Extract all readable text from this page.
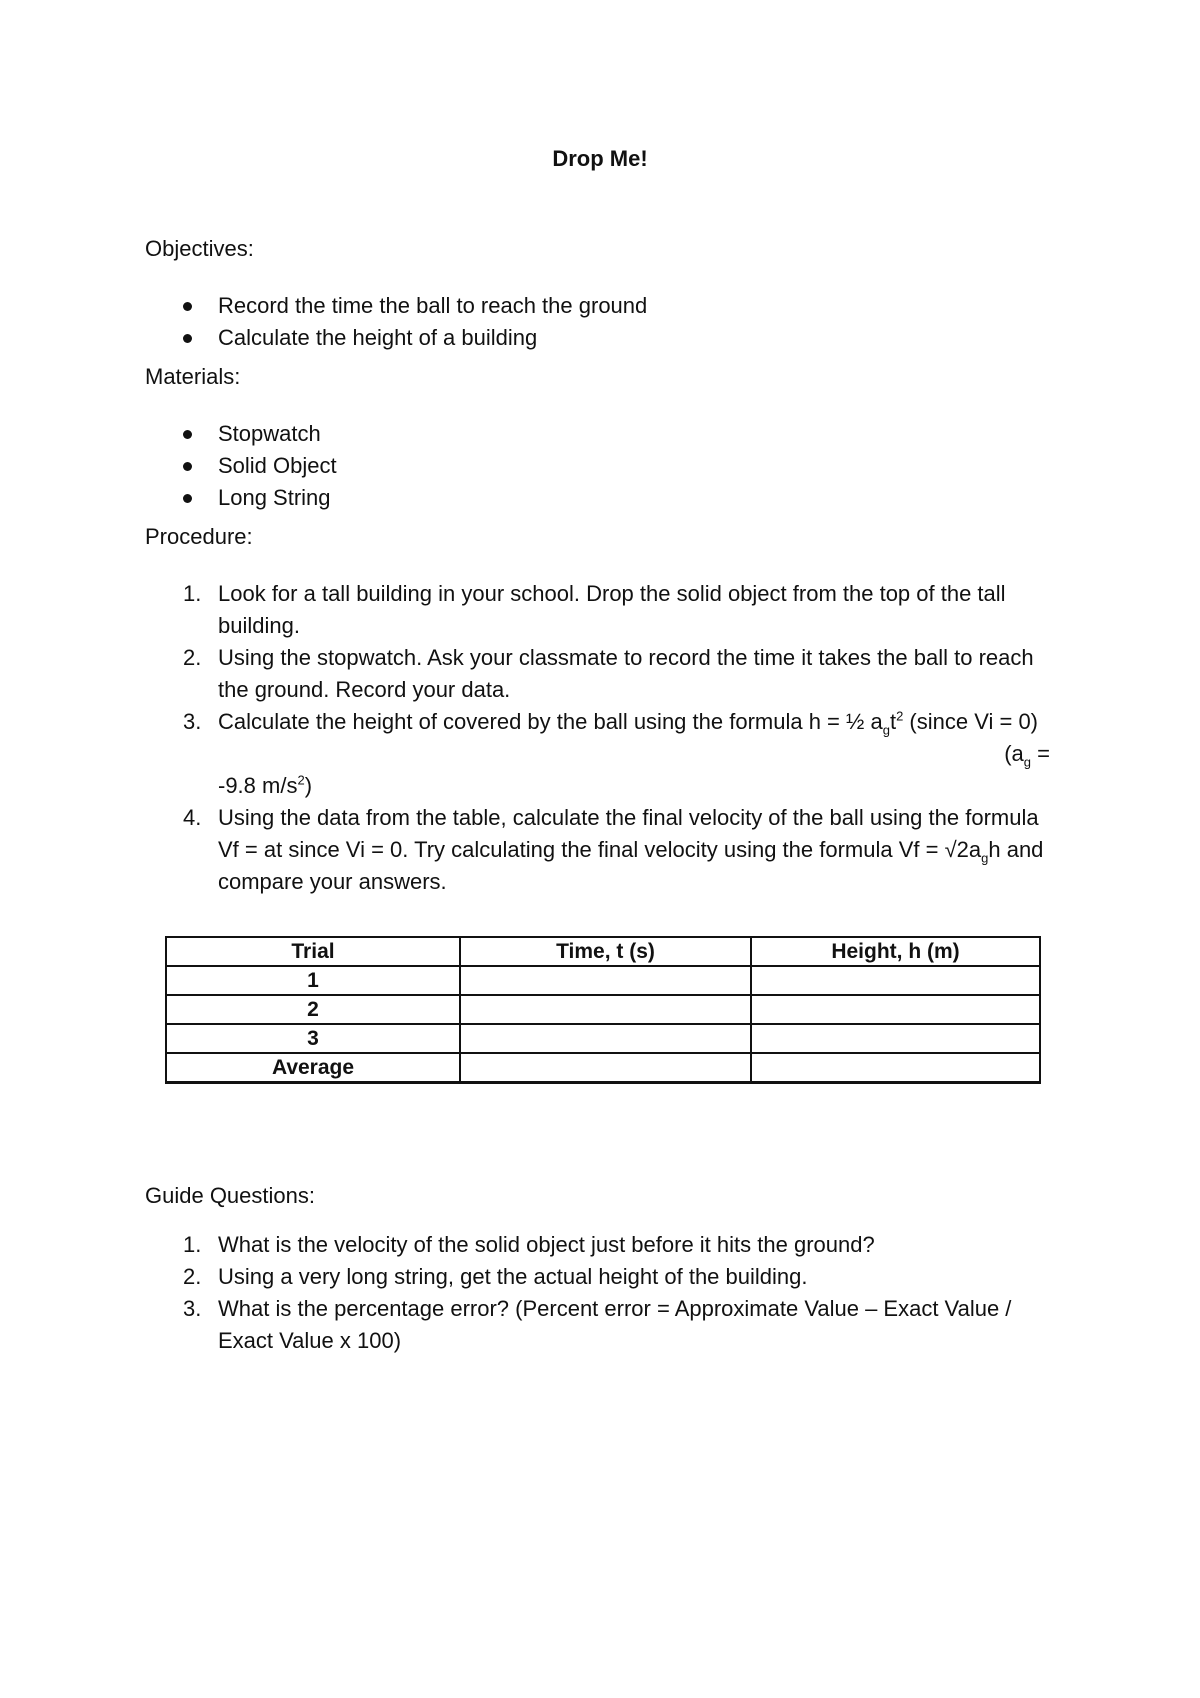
Drop Me!
Objectives:
Record the time the ball to reach the ground
Calculate the height of a building
Materials:
Stopwatch
Solid Object
Long String
Procedure:
1. Look for a tall building in your school. Drop the solid object from the top of the tall building.
2. Using the stopwatch. Ask your classmate to record the time it takes the ball to reach the ground. Record your data.
3. Calculate the height of covered by the ball using the formula h = ½ $a_gt^2$ (since Vi = 0)
($a_g$ =
-9.8 $m/s^2$)
4. Using the data from the table, calculate the final velocity of the ball using the formula Vf = at since Vi = 0. Try calculating the final velocity using the formula $Vf = √2a_gh$ and compare your answers.
Trial	Time, t (s)	Height, h (m)
1		
2		
3		
Average		
Guide Questions:
1. What is the velocity of the solid object just before it hits the ground?
2. Using a very long string, get the actual height of the building.
3. What is the percentage error? (Percent error = Approximate Value – Exact Value / Exact Value x 100)
